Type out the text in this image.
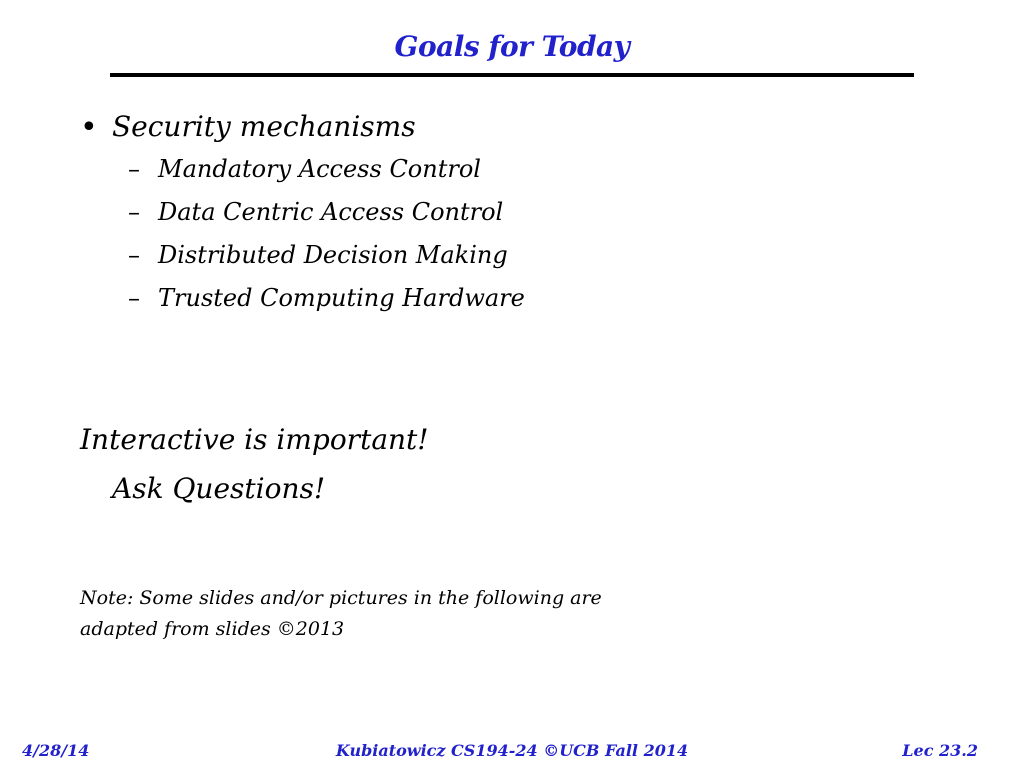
Goals for Today
• Security mechanisms
– Mandatory Access Control
– Data Centric Access Control
– Distributed Decision Making
– Trusted Computing Hardware
Interactive is important!
Ask Questions!
Note: Some slides and/or pictures in the following are
adapted from slides ©2013
4/28/14	Kubiatowicz CS194-24 ©UCB Fall 2014	Lec 23.2
